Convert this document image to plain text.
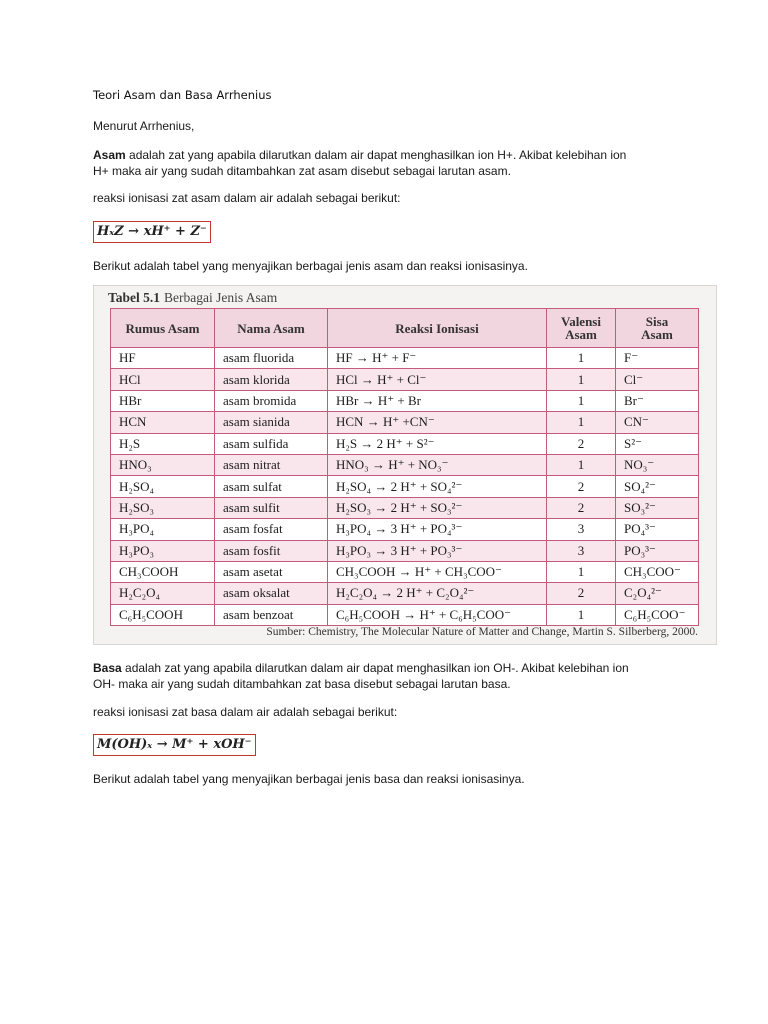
Teori Asam dan Basa Arrhenius
Menurut Arrhenius,
Asam adalah zat yang apabila dilarutkan dalam air dapat menghasilkan ion H+. Akibat kelebihan ion
H+ maka air yang sudah ditambahkan zat asam disebut sebagai larutan asam.
reaksi ionisasi zat asam dalam air adalah sebagai berikut:
HₓZ → xH⁺ + Z⁻
Berikut adalah tabel yang menyajikan berbagai jenis asam dan reaksi ionisasinya.
Tabel 5.1 Berbagai Jenis Asam
Rumus Asam	Nama Asam	Reaksi Ionisasi	Valensi Asam	Sisa Asam
HF	asam fluorida	HF → H⁺ + F⁻	1	F⁻
HCl	asam klorida	HCl → H⁺ + Cl⁻	1	Cl⁻
HBr	asam bromida	HBr → H⁺ + Br	1	Br⁻
HCN	asam sianida	HCN → H⁺ +CN⁻	1	CN⁻
H₂S	asam sulfida	H₂S → 2 H⁺ + S²⁻	2	S²⁻
HNO₃	asam nitrat	HNO₃ → H⁺ + NO₃⁻	1	NO₃⁻
H₂SO₄	asam sulfat	H₂SO₄ → 2 H⁺ + SO₄²⁻	2	SO₄²⁻
H₂SO₃	asam sulfit	H₂SO₃ → 2 H⁺ + SO₃²⁻	2	SO₃²⁻
H₃PO₄	asam fosfat	H₃PO₄ → 3 H⁺ + PO₄³⁻	3	PO₄³⁻
H₃PO₃	asam fosfit	H₃PO₃ → 3 H⁺ + PO₃³⁻	3	PO₃³⁻
CH₃COOH	asam asetat	CH₃COOH → H⁺ + CH₃COO⁻	1	CH₃COO⁻
H₂C₂O₄	asam oksalat	H₂C₂O₄ → 2 H⁺ + C₂O₄²⁻	2	C₂O₄²⁻
C₆H₅COOH	asam benzoat	C₆H₅COOH → H⁺ + C₆H₅COO⁻	1	C₆H₅COO⁻
Sumber: Chemistry, The Molecular Nature of Matter and Change, Martin S. Silberberg, 2000.
Basa adalah zat yang apabila dilarutkan dalam air dapat menghasilkan ion OH-. Akibat kelebihan ion
OH- maka air yang sudah ditambahkan zat basa disebut sebagai larutan basa.
reaksi ionisasi zat basa dalam air adalah sebagai berikut:
M(OH)ₓ → M⁺ + xOH⁻
Berikut adalah tabel yang menyajikan berbagai jenis basa dan reaksi ionisasinya.
